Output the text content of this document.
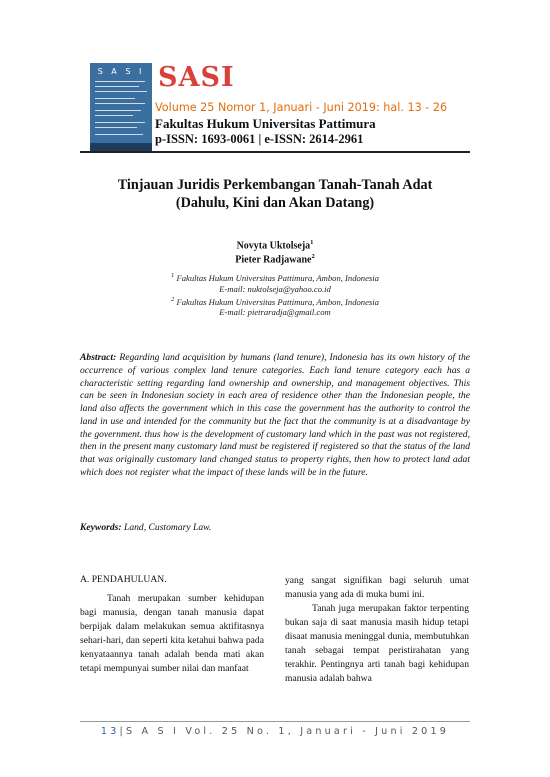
S A S I SASI
Volume 25 Nomor 1, Januari - Juni 2019: hal. 13 - 26
Fakultas Hukum Universitas Pattimura
p-ISSN: 1693-0061 | e-ISSN: 2614-2961
Tinjauan Juridis Perkembangan Tanah-Tanah Adat
(Dahulu, Kini dan Akan Datang)
Novyta Uktolseja$^1$
Pieter Radjawane$^2$
$^1$ Fakultas Hukum Universitas Pattimura, Ambon, Indonesia
E-mail: nuktolseja@yahoo.co.id
$^2$ Fakultas Hukum Universitas Pattimura, Ambon, Indonesia
E-mail: pietraradja@gmail.com
Abstract: Regarding land acquisition by humans (land tenure), Indonesia has its own history of the occurrence of various complex land tenure categories. Each land tenure category each has a characteristic setting regarding land ownership and ownership, and management objectives. This can be seen in Indonesian society in each area of residence other than the Indonesian people, the land also affects the government which in this case the government has the authority to control the land in use and intended for the community but the fact that the community is at a disadvantage by the government. thus how is the development of customary land which in the past was not registered, then in the present many customary land must be registered if registered so that the status of the land that was originally customary land changed status to property rights, then how to protect land adat which does not register what the impact of these lands will be in the future.
Keywords: Land, Customary Law.
A. PENDAHULUAN.

Tanah merupakan sumber kehidupan bagi manusia, dengan tanah manusia dapat berpijak dalam melakukan semua aktifitasnya sehari-hari, dan seperti kita ketahui bahwa pada kenyataannya tanah adalah benda mati akan tetapi mempunyai sumber nilai dan manfaat

yang sangat signifikan bagi seluruh umat manusia yang ada di muka bumi ini.

Tanah juga merupakan faktor terpenting bukan saja di saat manusia masih hidup tetapi disaat manusia meninggal dunia, membutuhkan tanah sebagai tempat peristirahatan yang terakhir. Pentingnya arti tanah bagi kehidupan manusia adalah bahwa

13|S A S I Vol. 25 No. 1, Januari - Juni 2019
